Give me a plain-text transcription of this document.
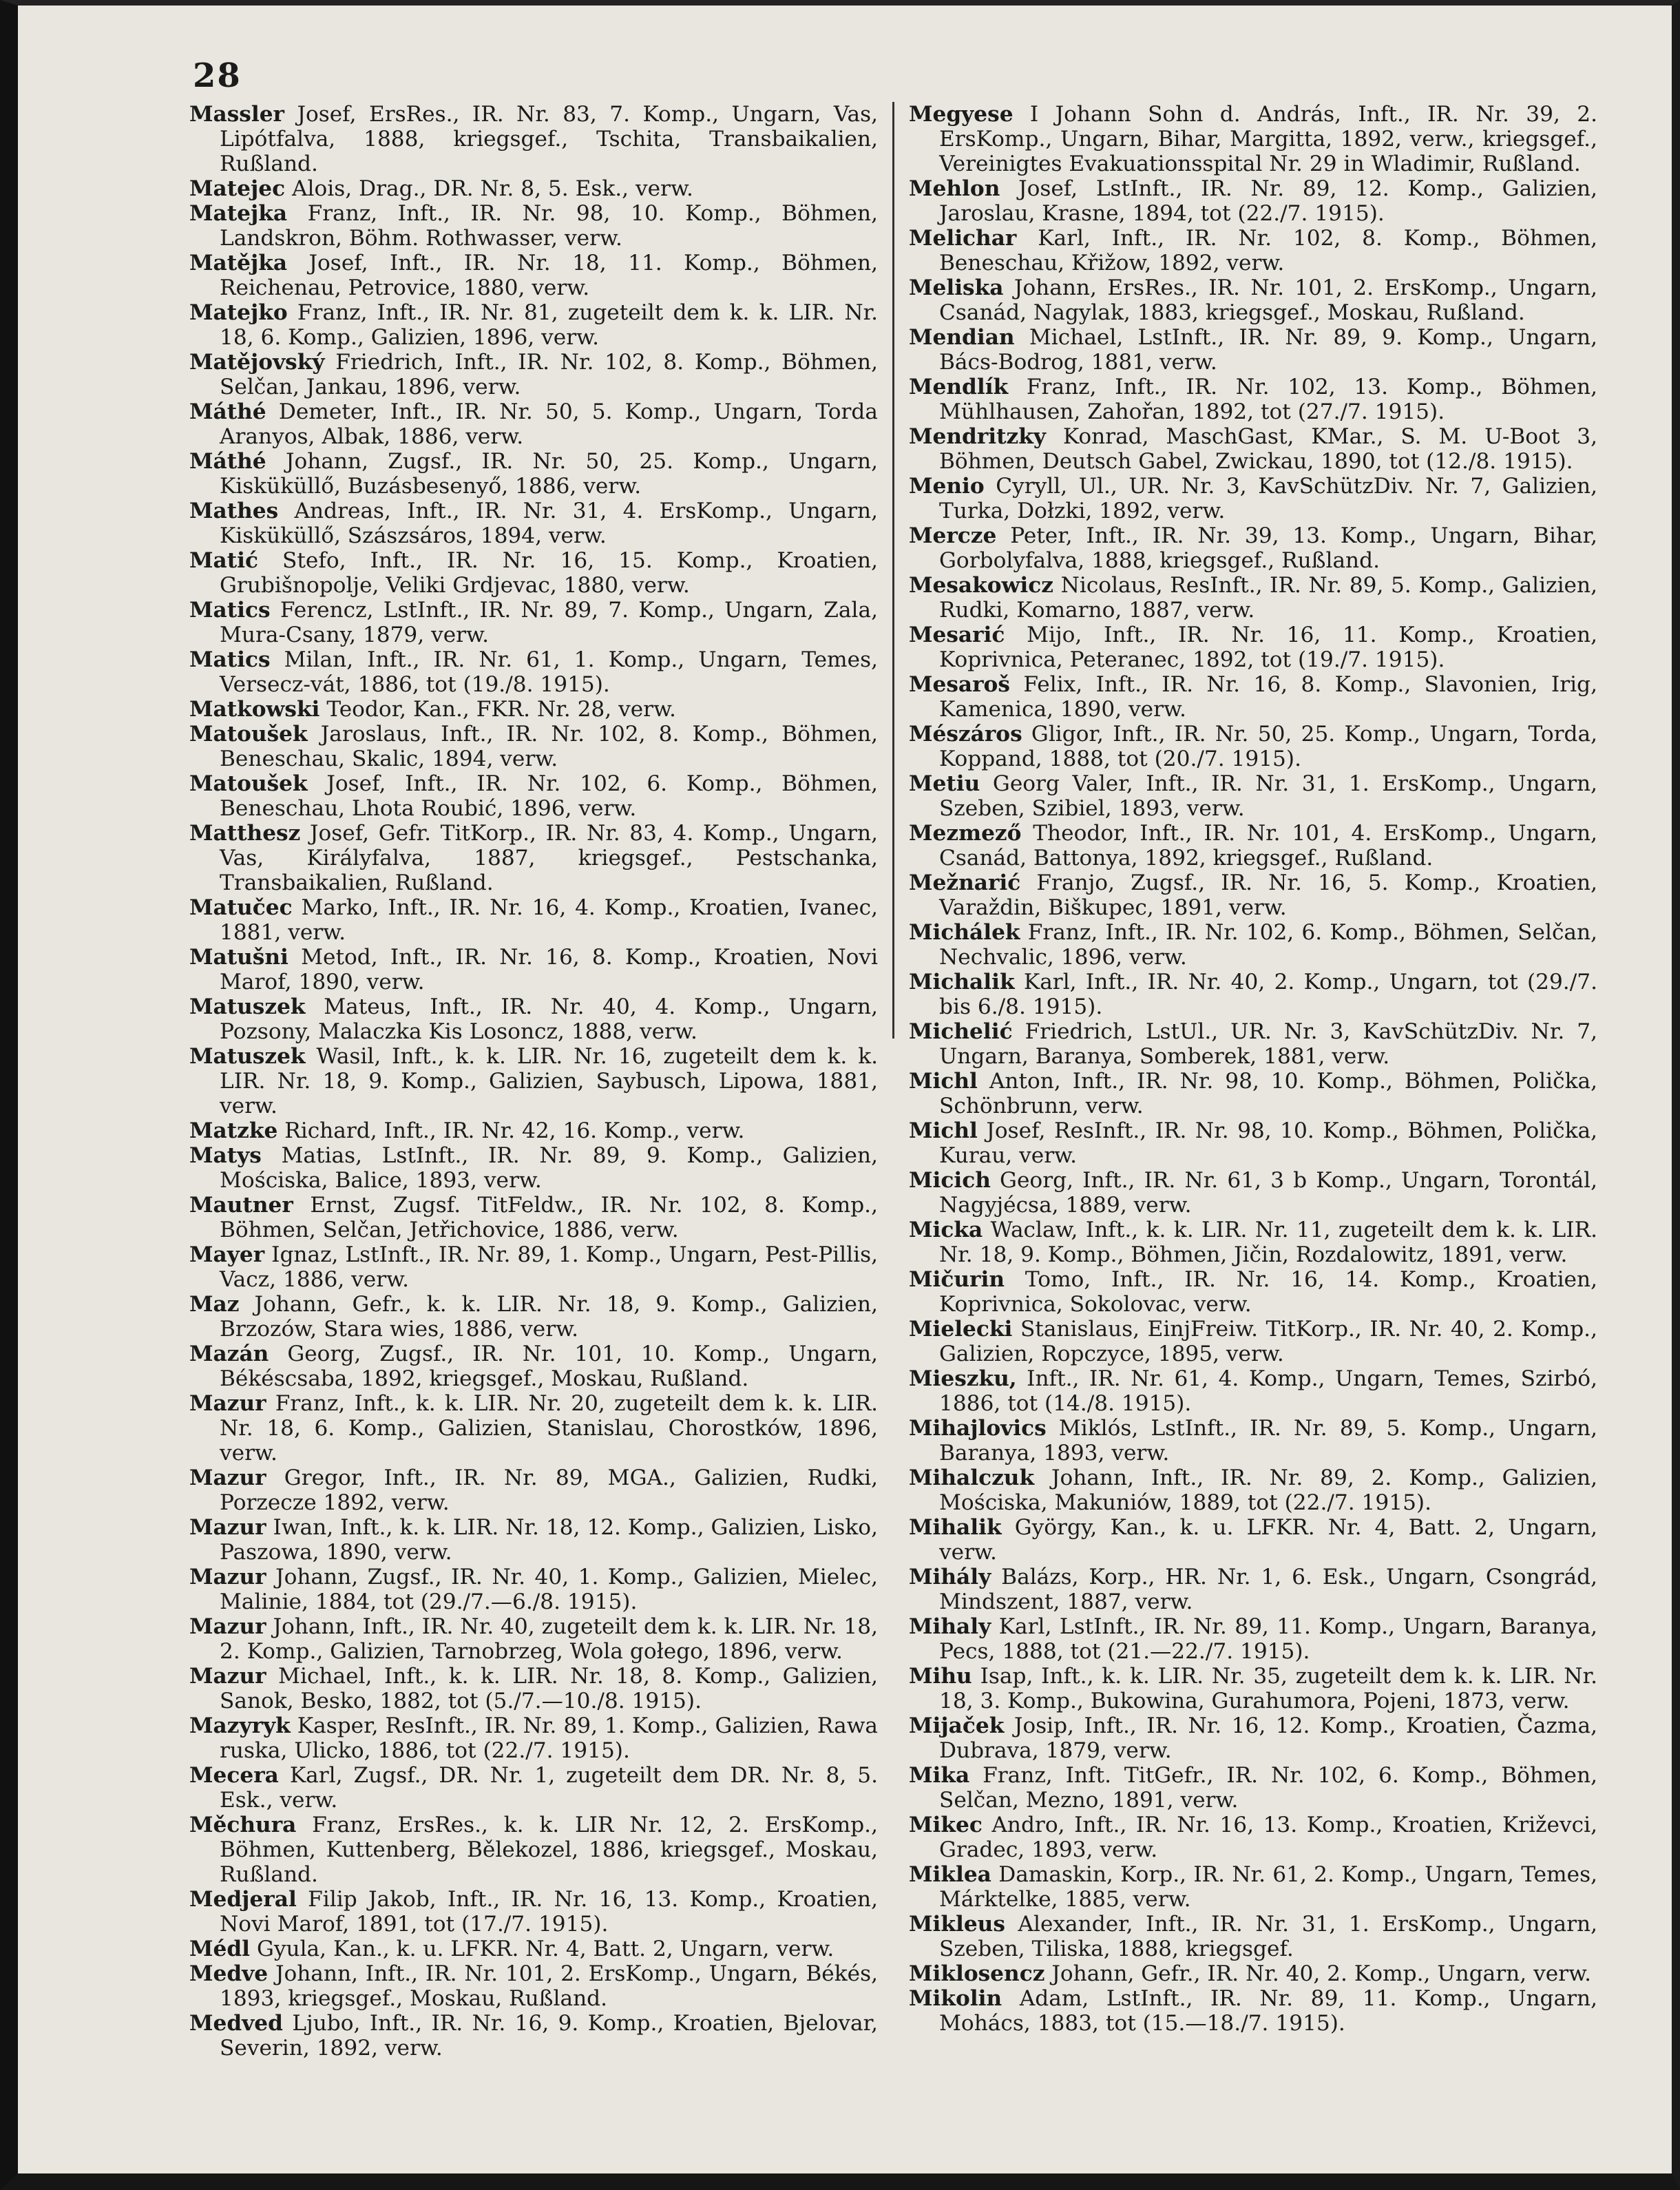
28

Massler Josef, ErsRes., IR. Nr. 83, 7. Komp., Ungarn, Vas, Lipótfalva, 1888, kriegsgef., Tschita, Transbaikalien, Rußland.

Matejec Alois, Drag., DR. Nr. 8, 5. Esk., verw.

Matejka Franz, Inft., IR. Nr. 98, 10. Komp., Böhmen, Landskron, Böhm. Rothwasser, verw.

Matějka Josef, Inft., IR. Nr. 18, 11. Komp., Böhmen, Reichenau, Petrovice, 1880, verw.

Matejko Franz, Inft., IR. Nr. 81, zugeteilt dem k. k. LIR. Nr. 18, 6. Komp., Galizien, 1896, verw.

Matějovský Friedrich, Inft., IR. Nr. 102, 8. Komp., Böhmen, Selčan, Jankau, 1896, verw.

Máthé Demeter, Inft., IR. Nr. 50, 5. Komp., Ungarn, Torda Aranyos, Albak, 1886, verw.

Máthé Johann, Zugsf., IR. Nr. 50, 25. Komp., Ungarn, Kisküküllő, Buzásbesenyő, 1886, verw.

Mathes Andreas, Inft., IR. Nr. 31, 4. ErsKomp., Ungarn, Kisküküllő, Szászsáros, 1894, verw.

Matić Stefo, Inft., IR. Nr. 16, 15. Komp., Kroatien, Grubišnopolje, Veliki Grdjevac, 1880, verw.

Matics Ferencz, LstInft., IR. Nr. 89, 7. Komp., Ungarn, Zala, Mura-Csany, 1879, verw.

Matics Milan, Inft., IR. Nr. 61, 1. Komp., Ungarn, Temes, Versecz-vát, 1886, tot (19./8. 1915).

Matkowski Teodor, Kan., FKR. Nr. 28, verw.

Matoušek Jaroslaus, Inft., IR. Nr. 102, 8. Komp., Böhmen, Beneschau, Skalic, 1894, verw.

Matoušek Josef, Inft., IR. Nr. 102, 6. Komp., Böhmen, Beneschau, Lhota Roubić, 1896, verw.

Matthesz Josef, Gefr. TitKorp., IR. Nr. 83, 4. Komp., Ungarn, Vas, Királyfalva, 1887, kriegsgef., Pestschanka, Transbaikalien, Rußland.

Matučec Marko, Inft., IR. Nr. 16, 4. Komp., Kroatien, Ivanec, 1881, verw.

Matušni Metod, Inft., IR. Nr. 16, 8. Komp., Kroatien, Novi Marof, 1890, verw.

Matuszek Mateus, Inft., IR. Nr. 40, 4. Komp., Ungarn, Pozsony, Malaczka Kis Losoncz, 1888, verw.

Matuszek Wasil, Inft., k. k. LIR. Nr. 16, zugeteilt dem k. k. LIR. Nr. 18, 9. Komp., Galizien, Saybusch, Lipowa, 1881, verw.

Matzke Richard, Inft., IR. Nr. 42, 16. Komp., verw.

Matys Matias, LstInft., IR. Nr. 89, 9. Komp., Galizien, Mościska, Balice, 1893, verw.

Mautner Ernst, Zugsf. TitFeldw., IR. Nr. 102, 8. Komp., Böhmen, Selčan, Jetřichovice, 1886, verw.

Mayer Ignaz, LstInft., IR. Nr. 89, 1. Komp., Ungarn, Pest-Pillis, Vacz, 1886, verw.

Maz Johann, Gefr., k. k. LIR. Nr. 18, 9. Komp., Galizien, Brzozów, Stara wies, 1886, verw.

Mazán Georg, Zugsf., IR. Nr. 101, 10. Komp., Ungarn, Békéscsaba, 1892, kriegsgef., Moskau, Rußland.

Mazur Franz, Inft., k. k. LIR. Nr. 20, zugeteilt dem k. k. LIR. Nr. 18, 6. Komp., Galizien, Stanislau, Chorostków, 1896, verw.

Mazur Gregor, Inft., IR. Nr. 89, MGA., Galizien, Rudki, Porzecze 1892, verw.

Mazur Iwan, Inft., k. k. LIR. Nr. 18, 12. Komp., Galizien, Lisko, Paszowa, 1890, verw.

Mazur Johann, Zugsf., IR. Nr. 40, 1. Komp., Galizien, Mielec, Malinie, 1884, tot (29./7.—6./8. 1915).

Mazur Johann, Inft., IR. Nr. 40, zugeteilt dem k. k. LIR. Nr. 18, 2. Komp., Galizien, Tarnobrzeg, Wola gołego, 1896, verw.

Mazur Michael, Inft., k. k. LIR. Nr. 18, 8. Komp., Galizien, Sanok, Besko, 1882, tot (5./7.—10./8. 1915).

Mazyryk Kasper, ResInft., IR. Nr. 89, 1. Komp., Galizien, Rawa ruska, Ulicko, 1886, tot (22./7. 1915).

Mecera Karl, Zugsf., DR. Nr. 1, zugeteilt dem DR. Nr. 8, 5. Esk., verw.

Měchura Franz, ErsRes., k. k. LIR Nr. 12, 2. ErsKomp., Böhmen, Kuttenberg, Bělekozel, 1886, kriegsgef., Moskau, Rußland.

Medjeral Filip Jakob, Inft., IR. Nr. 16, 13. Komp., Kroatien, Novi Marof, 1891, tot (17./7. 1915).

Médl Gyula, Kan., k. u. LFKR. Nr. 4, Batt. 2, Ungarn, verw.

Medve Johann, Inft., IR. Nr. 101, 2. ErsKomp., Ungarn, Békés, 1893, kriegsgef., Moskau, Rußland.

Medved Ljubo, Inft., IR. Nr. 16, 9. Komp., Kroatien, Bjelovar, Severin, 1892, verw.

Megyese I Johann Sohn d. András, Inft., IR. Nr. 39, 2. ErsKomp., Ungarn, Bihar, Margitta, 1892, verw., kriegsgef., Vereinigtes Evakuationsspital Nr. 29 in Wladimir, Rußland.

Mehlon Josef, LstInft., IR. Nr. 89, 12. Komp., Galizien, Jaroslau, Krasne, 1894, tot (22./7. 1915).

Melichar Karl, Inft., IR. Nr. 102, 8. Komp., Böhmen, Beneschau, Křižow, 1892, verw.

Meliska Johann, ErsRes., IR. Nr. 101, 2. ErsKomp., Ungarn, Csanád, Nagylak, 1883, kriegsgef., Moskau, Rußland.

Mendian Michael, LstInft., IR. Nr. 89, 9. Komp., Ungarn, Bács-Bodrog, 1881, verw.

Mendlík Franz, Inft., IR. Nr. 102, 13. Komp., Böhmen, Mühlhausen, Zahořan, 1892, tot (27./7. 1915).

Mendritzky Konrad, MaschGast, KMar., S. M. U-Boot 3, Böhmen, Deutsch Gabel, Zwickau, 1890, tot (12./8. 1915).

Menio Cyryll, Ul., UR. Nr. 3, KavSchützDiv. Nr. 7, Galizien, Turka, Dołzki, 1892, verw.

Mercze Peter, Inft., IR. Nr. 39, 13. Komp., Ungarn, Bihar, Gorbolyfalva, 1888, kriegsgef., Rußland.

Mesakowicz Nicolaus, ResInft., IR. Nr. 89, 5. Komp., Galizien, Rudki, Komarno, 1887, verw.

Mesarić Mijo, Inft., IR. Nr. 16, 11. Komp., Kroatien, Koprivnica, Peteranec, 1892, tot (19./7. 1915).

Mesaroš Felix, Inft., IR. Nr. 16, 8. Komp., Slavonien, Irig, Kamenica, 1890, verw.

Mészáros Gligor, Inft., IR. Nr. 50, 25. Komp., Ungarn, Torda, Koppand, 1888, tot (20./7. 1915).

Metiu Georg Valer, Inft., IR. Nr. 31, 1. ErsKomp., Ungarn, Szeben, Szibiel, 1893, verw.

Mezmező Theodor, Inft., IR. Nr. 101, 4. ErsKomp., Ungarn, Csanád, Battonya, 1892, kriegsgef., Rußland.

Mežnarić Franjo, Zugsf., IR. Nr. 16, 5. Komp., Kroatien, Varaždin, Biškupec, 1891, verw.

Michálek Franz, Inft., IR. Nr. 102, 6. Komp., Böhmen, Selčan, Nechvalic, 1896, verw.

Michalik Karl, Inft., IR. Nr. 40, 2. Komp., Ungarn, tot (29./7. bis 6./8. 1915).

Michelić Friedrich, LstUl., UR. Nr. 3, KavSchützDiv. Nr. 7, Ungarn, Baranya, Somberek, 1881, verw.

Michl Anton, Inft., IR. Nr. 98, 10. Komp., Böhmen, Polička, Schönbrunn, verw.

Michl Josef, ResInft., IR. Nr. 98, 10. Komp., Böhmen, Polička, Kurau, verw.

Micich Georg, Inft., IR. Nr. 61, 3 b Komp., Ungarn, Torontál, Nagyjécsa, 1889, verw.

Micka Waclaw, Inft., k. k. LIR. Nr. 11, zugeteilt dem k. k. LIR. Nr. 18, 9. Komp., Böhmen, Jičin, Rozdalowitz, 1891, verw.

Mičurin Tomo, Inft., IR. Nr. 16, 14. Komp., Kroatien, Koprivnica, Sokolovac, verw.

Mielecki Stanislaus, EinjFreiw. TitKorp., IR. Nr. 40, 2. Komp., Galizien, Ropczyce, 1895, verw.

Mieszku, Inft., IR. Nr. 61, 4. Komp., Ungarn, Temes, Szirbó, 1886, tot (14./8. 1915).

Mihajlovics Miklós, LstInft., IR. Nr. 89, 5. Komp., Ungarn, Baranya, 1893, verw.

Mihalczuk Johann, Inft., IR. Nr. 89, 2. Komp., Galizien, Mościska, Makuniów, 1889, tot (22./7. 1915).

Mihalik György, Kan., k. u. LFKR. Nr. 4, Batt. 2, Ungarn, verw.

Mihály Balázs, Korp., HR. Nr. 1, 6. Esk., Ungarn, Csongrád, Mindszent, 1887, verw.

Mihaly Karl, LstInft., IR. Nr. 89, 11. Komp., Ungarn, Baranya, Pecs, 1888, tot (21.—22./7. 1915).

Mihu Isap, Inft., k. k. LIR. Nr. 35, zugeteilt dem k. k. LIR. Nr. 18, 3. Komp., Bukowina, Gurahumora, Pojeni, 1873, verw.

Mijaček Josip, Inft., IR. Nr. 16, 12. Komp., Kroatien, Čazma, Dubrava, 1879, verw.

Mika Franz, Inft. TitGefr., IR. Nr. 102, 6. Komp., Böhmen, Selčan, Mezno, 1891, verw.

Mikec Andro, Inft., IR. Nr. 16, 13. Komp., Kroatien, Križevci, Gradec, 1893, verw.

Miklea Damaskin, Korp., IR. Nr. 61, 2. Komp., Ungarn, Temes, Márktelke, 1885, verw.

Mikleus Alexander, Inft., IR. Nr. 31, 1. ErsKomp., Ungarn, Szeben, Tiliska, 1888, kriegsgef.

Miklosencz Johann, Gefr., IR. Nr. 40, 2. Komp., Ungarn, verw.

Mikolin Adam, LstInft., IR. Nr. 89, 11. Komp., Ungarn, Mohács, 1883, tot (15.—18./7. 1915).
